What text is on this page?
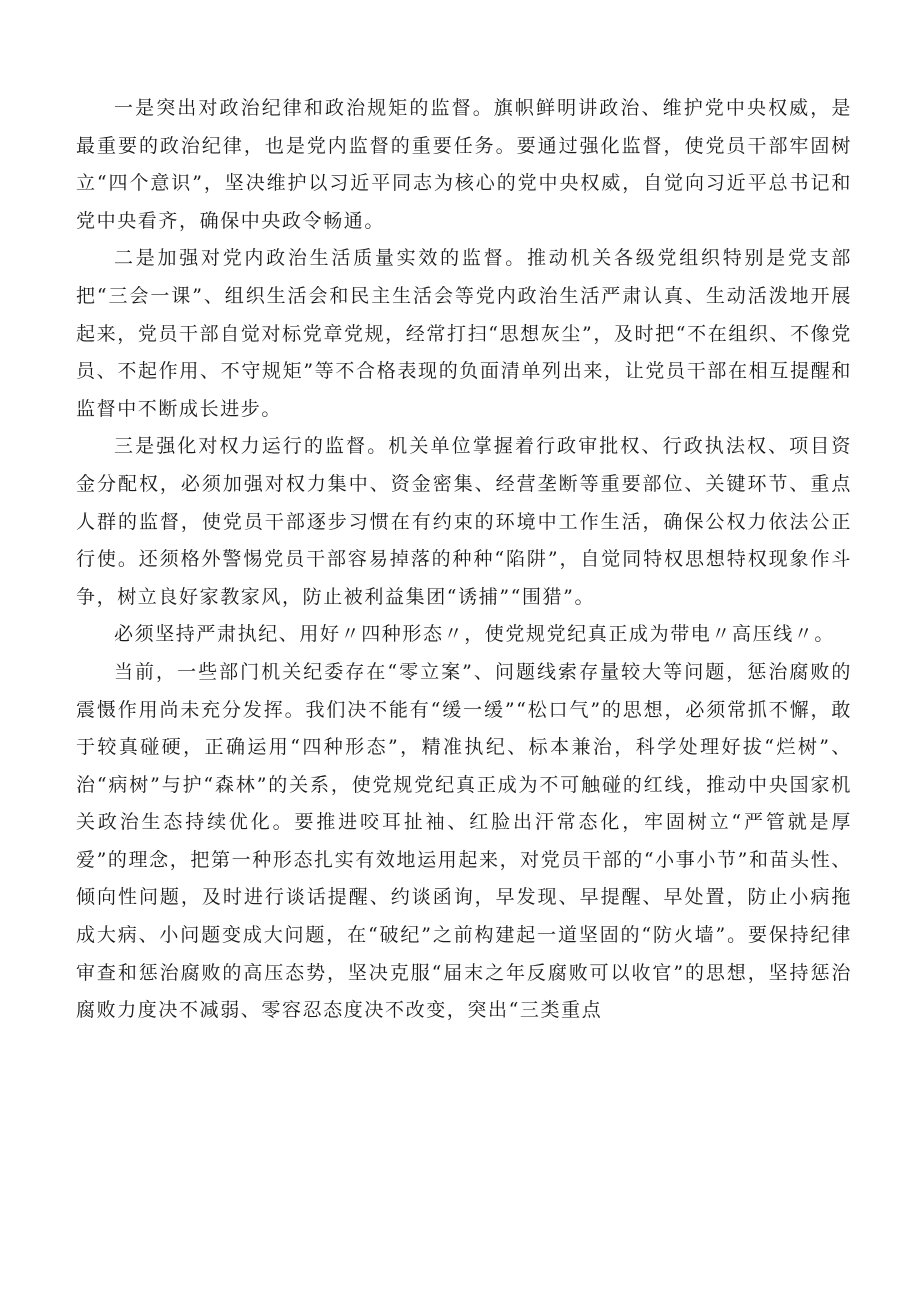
一是突出对政治纪律和政治规矩的监督。旗帜鲜明讲政治、维护党中央权威，是最重要的政治纪律，也是党内监督的重要任务。要通过强化监督，使党员干部牢固树立“四个意识”，坚决维护以习近平同志为核心的党中央权威，自觉向习近平总书记和党中央看齐，确保中央政令畅通。

二是加强对党内政治生活质量实效的监督。推动机关各级党组织特别是党支部把“三会一课”、组织生活会和民主生活会等党内政治生活严肃认真、生动活泼地开展起来，党员干部自觉对标党章党规，经常打扫“思想灰尘”，及时把“不在组织、不像党员、不起作用、不守规矩”等不合格表现的负面清单列出来，让党员干部在相互提醒和监督中不断成长进步。

三是强化对权力运行的监督。机关单位掌握着行政审批权、行政执法权、项目资金分配权，必须加强对权力集中、资金密集、经营垄断等重要部位、关键环节、重点人群的监督，使党员干部逐步习惯在有约束的环境中工作生活，确保公权力依法公正行使。还须格外警惕党员干部容易掉落的种种“陷阱”，自觉同特权思想特权现象作斗争，树立良好家教家风，防止被利益集团“诱捕”“围猎”。

必须坚持严肃执纪、用好〃四种形态〃，使党规党纪真正成为带电〃高压线〃。

当前，一些部门机关纪委存在“零立案”、问题线索存量较大等问题，惩治腐败的震慑作用尚未充分发挥。我们决不能有“缓一缓”“松口气”的思想，必须常抓不懈，敢于较真碰硬，正确运用“四种形态”，精准执纪、标本兼治，科学处理好拔“烂树”、治“病树”与护“森林”的关系，使党规党纪真正成为不可触碰的红线，推动中央国家机关政治生态持续优化。要推进咬耳扯袖、红脸出汗常态化，牢固树立“严管就是厚爱”的理念，把第一种形态扎实有效地运用起来，对党员干部的“小事小节”和苗头性、倾向性问题，及时进行谈话提醒、约谈函询，早发现、早提醒、早处置，防止小病拖成大病、小问题变成大问题，在“破纪”之前构建起一道坚固的“防火墙”。要保持纪律审查和惩治腐败的高压态势，坚决克服“届末之年反腐败可以收官”的思想，坚持惩治腐败力度决不减弱、零容忍态度决不改变，突出“三类重点
